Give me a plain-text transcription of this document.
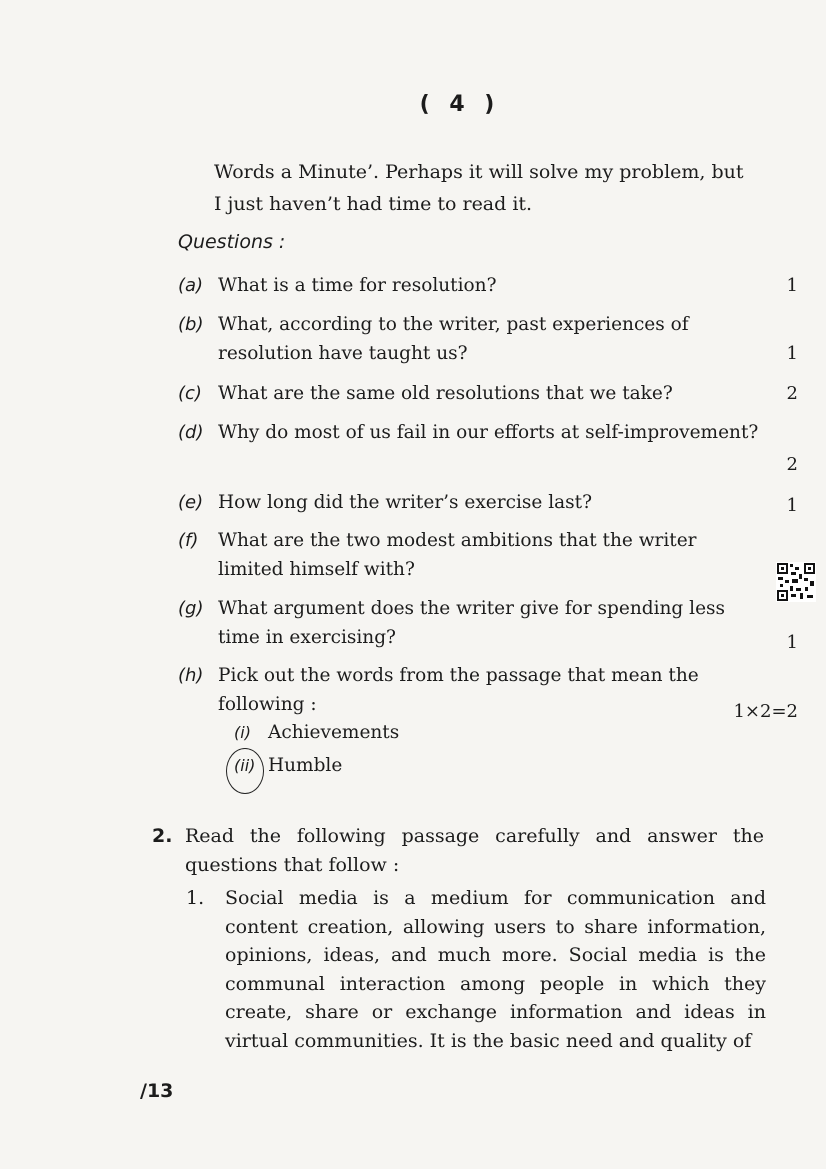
( 4 )
Words a Minute’. Perhaps it will solve my problem, but
I just haven’t had time to read it.
Questions :
(a) What is a time for resolution?	1
(b) What, according to the writer, past experiences of resolution have taught us?	1
(c) What are the same old resolutions that we take?	2
(d) Why do most of us fail in our efforts at self-improvement?
2
(e) How long did the writer’s exercise last?	1
(f) What are the two modest ambitions that the writer limited himself with?
(g) What argument does the writer give for spending less time in exercising?	1
(h) Pick out the words from the passage that mean the following :	1×2=2
(i) Achievements
(ii) Humble
2. Read the following passage carefully and answer the questions that follow :
1. Social media is a medium for communication and content creation, allowing users to share information, opinions, ideas, and much more. Social media is the communal interaction among people in which they create, share or exchange information and ideas in virtual communities. It is the basic need and quality of
/13
